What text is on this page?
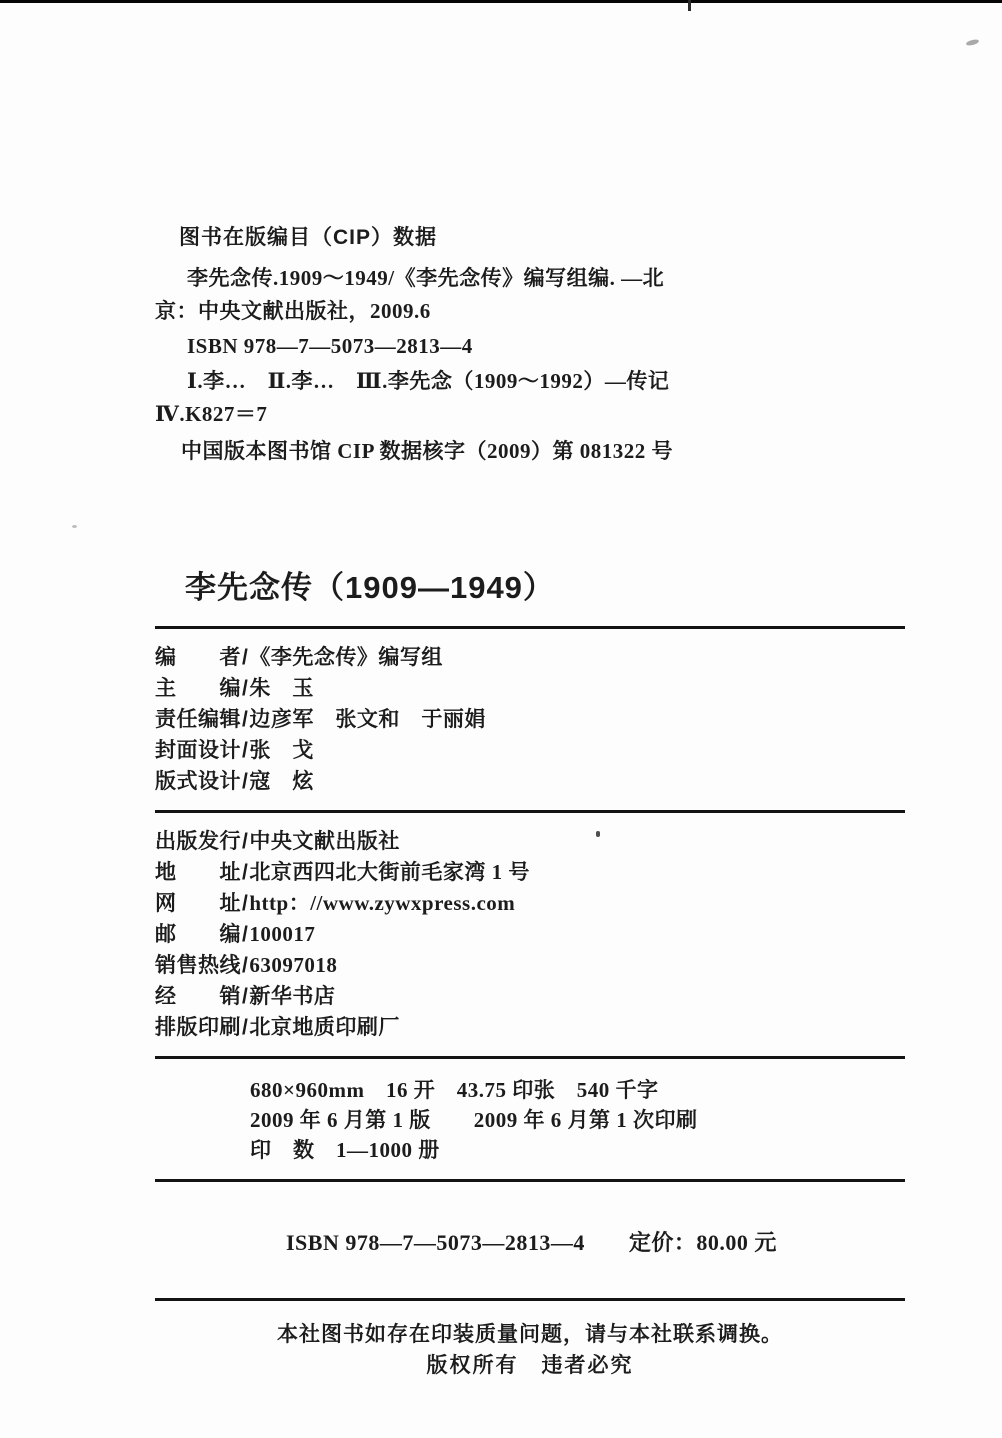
图书在版编目（CIP）数据

李先念传.1909～1949/《李先念传》编写组编. —北

京：中央文献出版社，2009.6

ISBN 978—7—5073—2813—4

Ⅰ.李…　Ⅱ.李…　Ⅲ.李先念（1909～1992）—传记

Ⅳ.K827＝7

中国版本图书馆 CIP 数据核字（2009）第 081322 号

李先念传（1909—1949）
编　　者 / 《李先念传》编写组
主　　编 / 朱　玉
责任编辑 / 边彦军　张文和　于丽娟
封面设计 / 张　戈
版式设计 / 寇　炫
出版发行 / 中央文献出版社
地　　址 / 北京西四北大街前毛家湾 1 号
网　　址 / http：//www.zywxpress.com
邮　　编 / 100017
销售热线 / 63097018
经　　销 / 新华书店
排版印刷 / 北京地质印刷厂

680×960mm　16 开　43.75 印张　540 千字

2009 年 6 月第 1 版　　2009 年 6 月第 1 次印刷

印　数　1—1000 册

ISBN 978—7—5073—2813—4 定价：80.00 元

本社图书如存在印装质量问题，请与本社联系调换。

版权所有　违者必究
